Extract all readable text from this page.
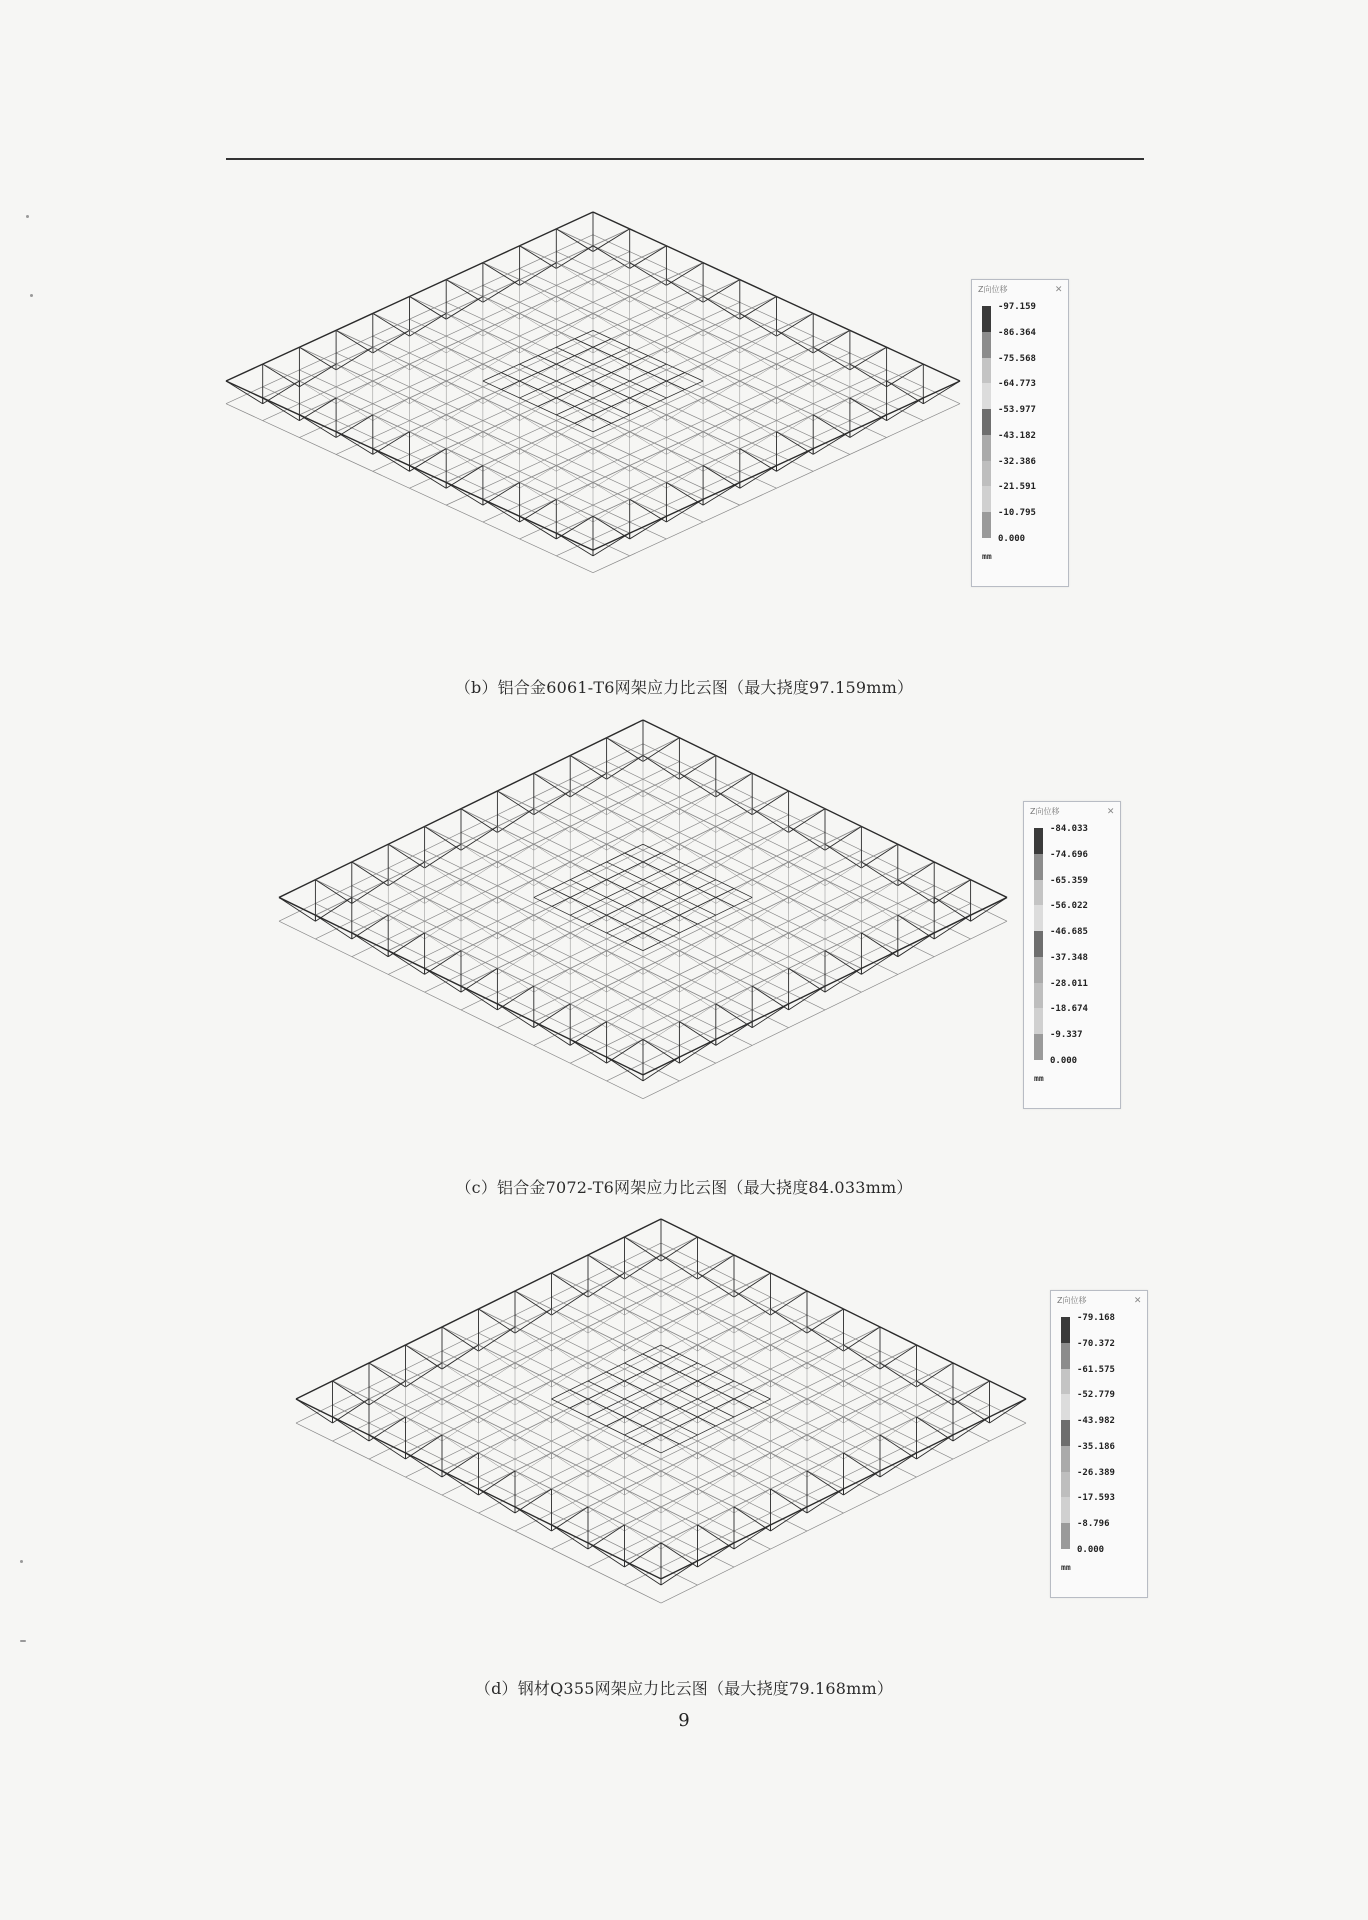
Z向位移	✕
-97.159
-86.364
-75.568
-64.773
-53.977
-43.182
-32.386
-21.591
-10.795
0.000
mm
（b）铝合金6061-T6网架应力比云图（最大挠度97.159mm）
Z向位移	✕
-84.033
-74.696
-65.359
-56.022
-46.685
-37.348
-28.011
-18.674
-9.337
0.000
mm
（c）铝合金7072-T6网架应力比云图（最大挠度84.033mm）
Z向位移	✕
-79.168
-70.372
-61.575
-52.779
-43.982
-35.186
-26.389
-17.593
-8.796
0.000
mm
（d）钢材Q355网架应力比云图（最大挠度79.168mm）
9
